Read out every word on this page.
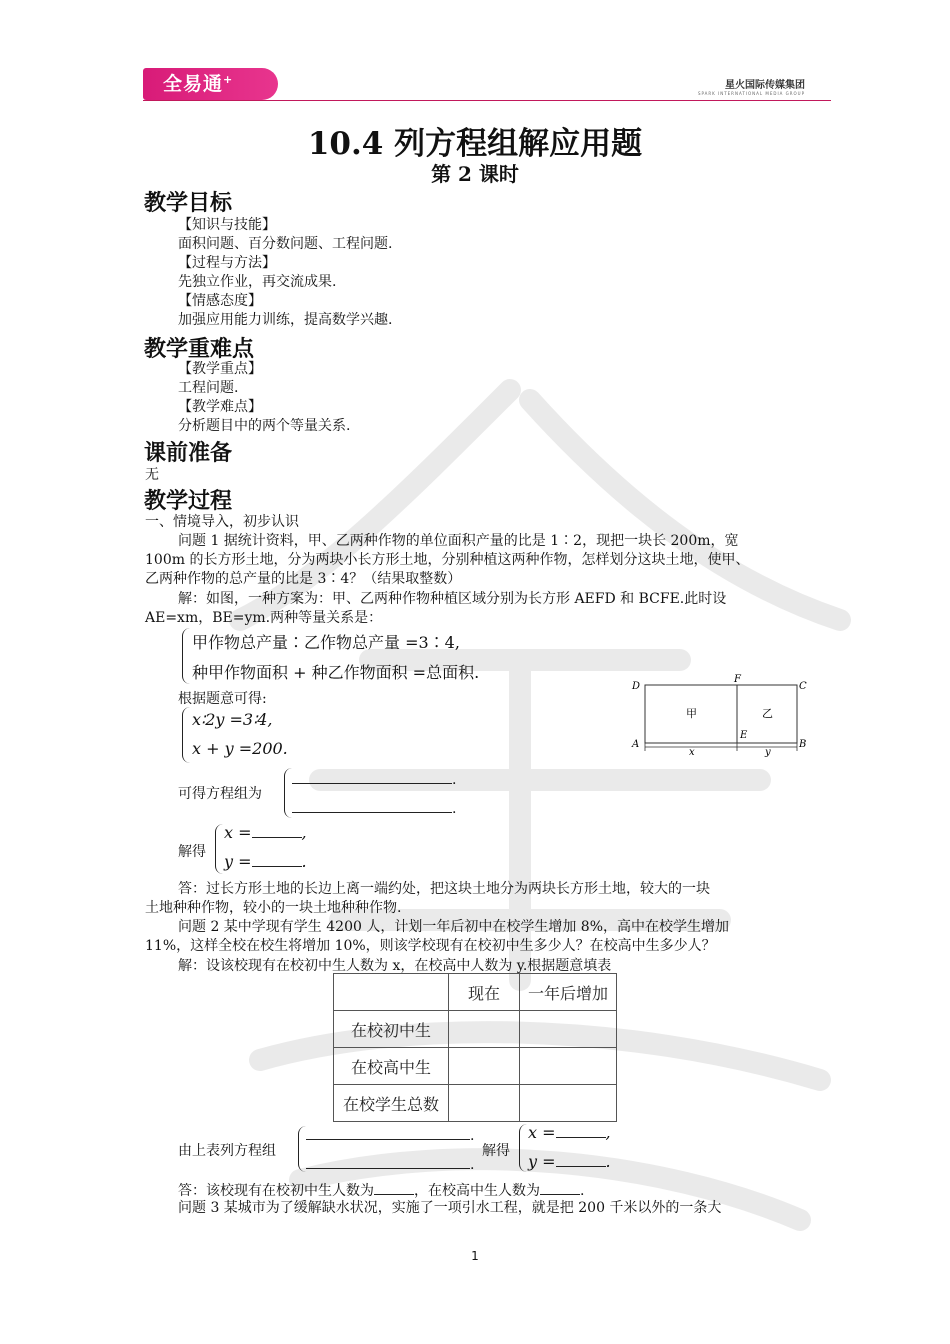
全易通+	星火国际传媒集团
SPARK INTERNATIONAL MEDIA GROUP
10.4 列方程组解应用题
第 2 课时
教学目标
【知识与技能】
面积问题、百分数问题、工程问题.
【过程与方法】
先独立作业，再交流成果.
【情感态度】
加强应用能力训练，提高数学兴趣.
教学重难点
【教学重点】
工程问题.
【教学难点】
分析题目中的两个等量关系.
课前准备
无
教学过程
一、情境导入，初步认识
问题 1 据统计资料，甲、乙两种作物的单位面积产量的比是 1∶2，现把一块长 200m，宽
100m 的长方形土地，分为两块小长方形土地，分别种植这两种作物，怎样划分这块土地，使甲、
乙两种作物的总产量的比是 3∶4？（结果取整数）
解：如图，一种方案为：甲、乙两种作物种植区域分别为长方形 AEFD 和 BCFE.此时设
AE=xm，BE=ym.两种等量关系是：
甲作物总产量∶乙作物总产量 =3∶4,
种甲作物面积 + 种乙作物面积 =总面积.
根据题意可得:
x∶2y =3∶4,
x + y =200.
D
F
C
A
E
B
甲	乙
x	y
可得方程组为
.
.
解得
x =	,
y =	.
答：过长方形土地的长边上离一端约处，把这块土地分为两块长方形土地，较大的一块
土地种种作物，较小的一块土地种种作物.
问题 2 某中学现有学生 4200 人，计划一年后初中在校学生增加 8%，高中在校学生增加
11%，这样全校在校生将增加 10%，则该学校现有在校初中生多少人？在校高中生多少人？
解：设该校现有在校初中生人数为 x，在校高中人数为 y.根据题意填表
	现在	一年后增加
在校初中生		
在校高中生		
在校学生总数		
由上表列方程组
.
.
解得
x =	,
y =	.
答：该校现有在校初中生人数为	，在校高中生人数为	.
问题 3 某城市为了缓解缺水状况，实施了一项引水工程，就是把 200 千米以外的一条大
1
